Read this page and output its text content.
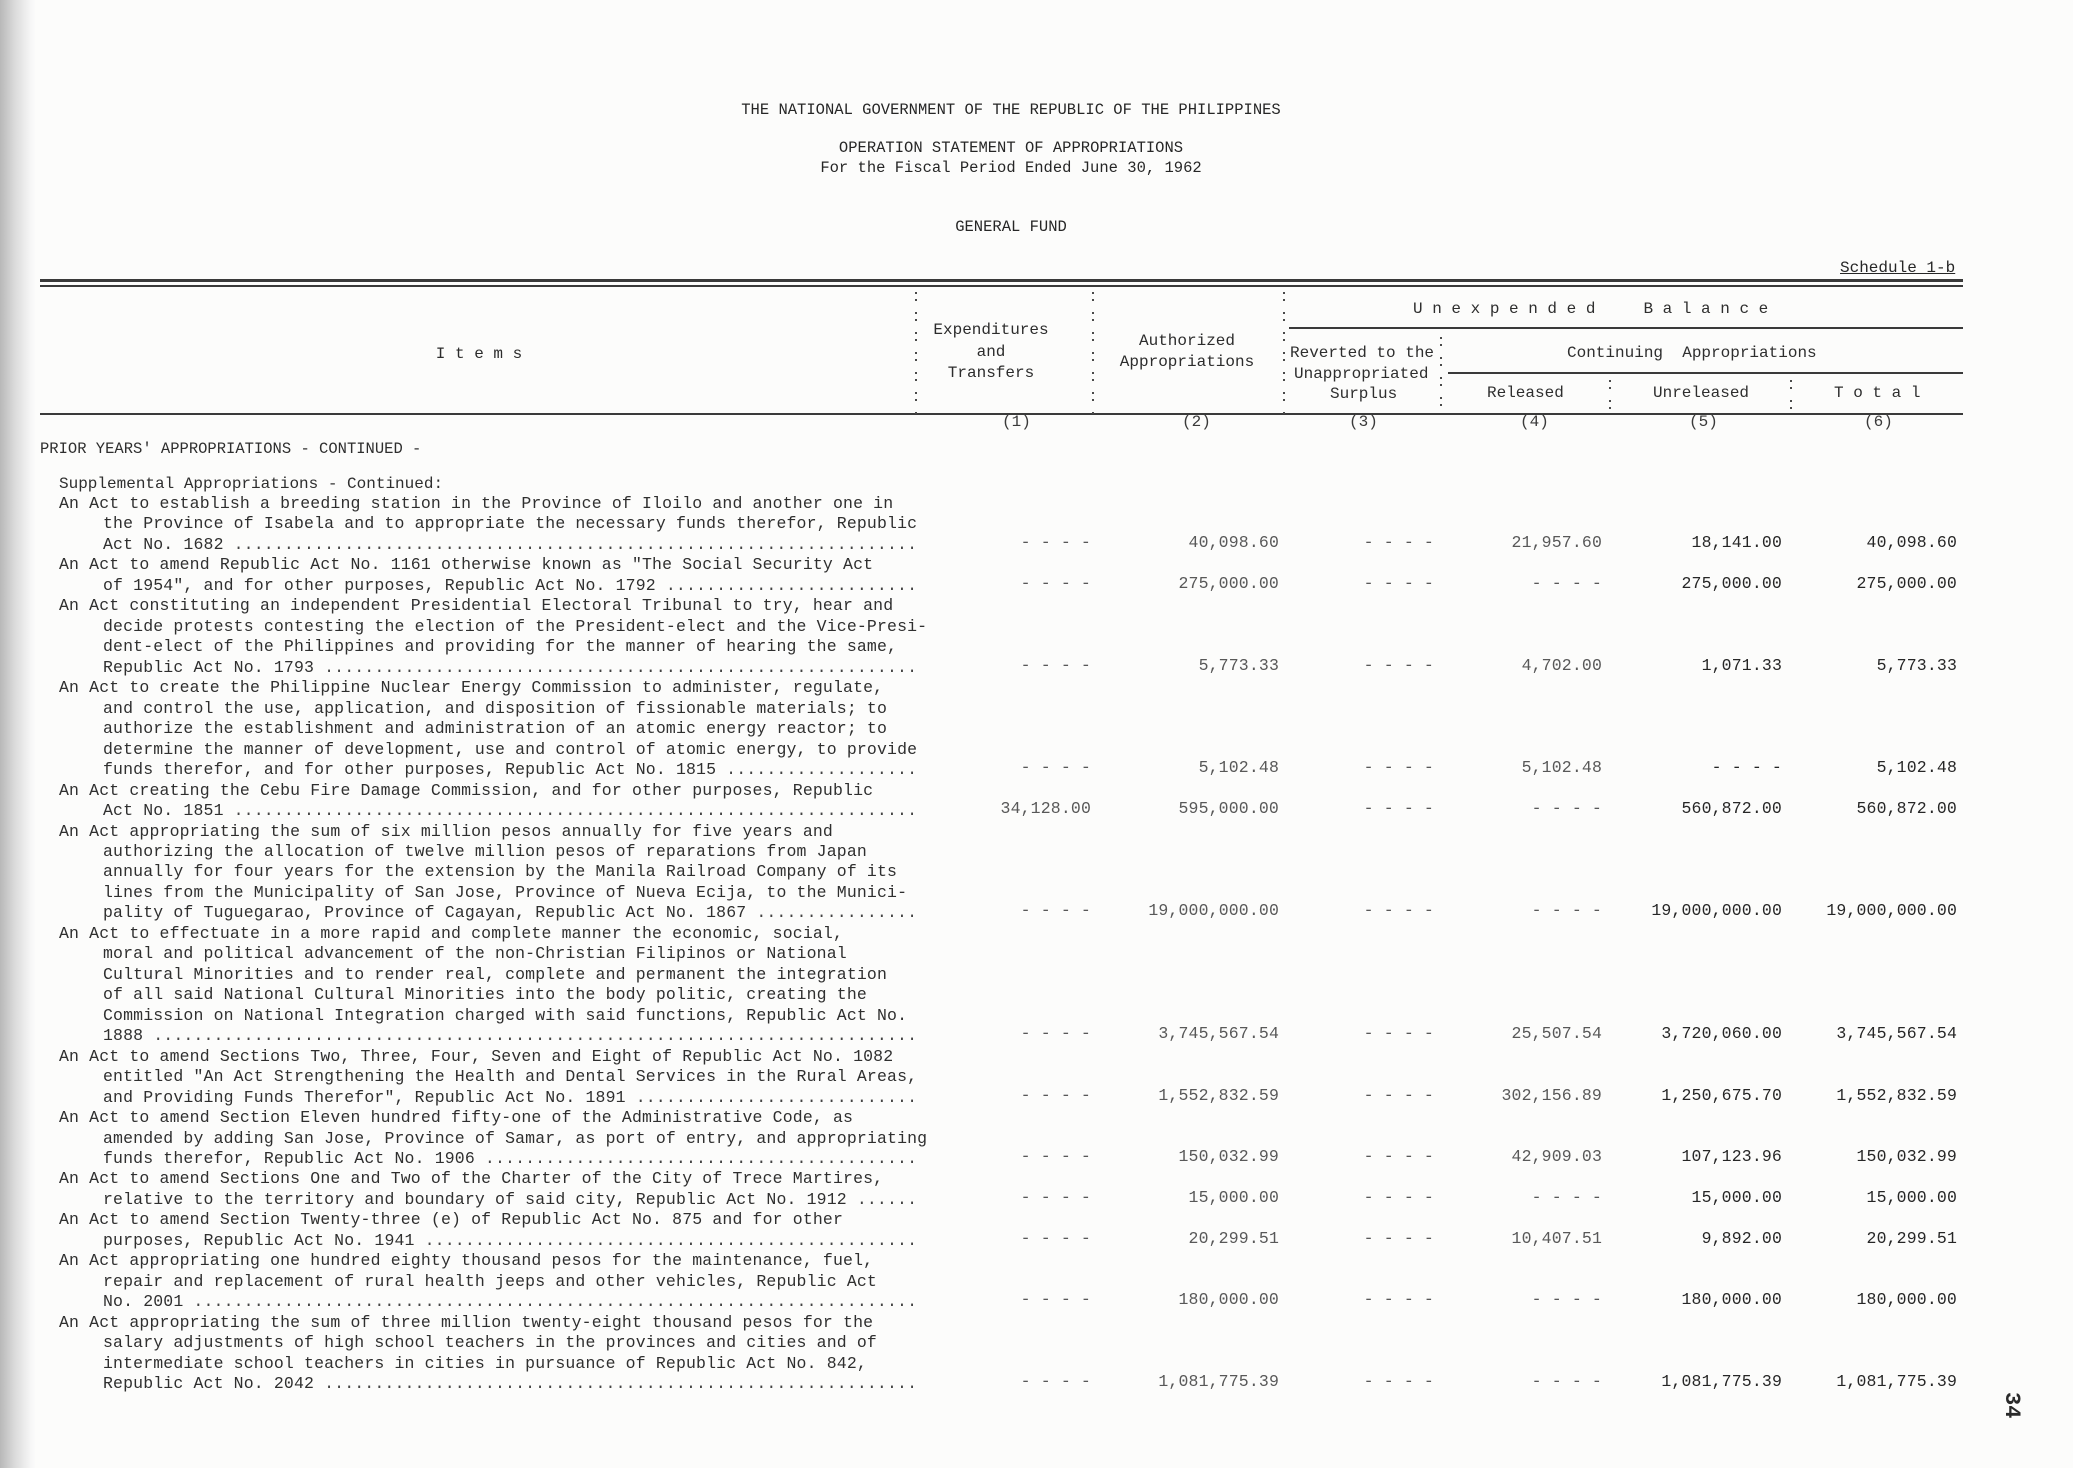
THE NATIONAL GOVERNMENT OF THE REPUBLIC OF THE PHILIPPINES
OPERATION STATEMENT OF APPROPRIATIONS
For the Fiscal Period Ended June 30, 1962
GENERAL FUND
Schedule 1-b
I t e m s
Expenditures
and
Transfers
Authorized
Appropriations
U n e x p e n d e d     B a l a n c e
Reverted to the
Unappropriated
Surplus
Continuing  Appropriations
Released	Unreleased	T o t a l
(1)	(2)	(3)	(4)	(5)	(6)
PRIOR YEARS' APPROPRIATIONS - CONTINUED -
Supplemental Appropriations - Continued:
An Act to establish a breeding station in the Province of Iloilo and another one in
the Province of Isabela and to appropriate the necessary funds therefor, Republic
Act No. 1682 .....	- - - -	40,098.60	- - - -	21,957.60	18,141.00	40,098.60
An Act to amend Republic Act No. 1161 otherwise known as "The Social Security Act
of 1954", and for other purposes, Republic Act No. 1792 .....	- - - -	275,000.00	- - - -	- - - -	275,000.00	275,000.00
An Act constituting an independent Presidential Electoral Tribunal to try, hear and
decide protests contesting the election of the President-elect and the Vice-Presi-
dent-elect of the Philippines and providing for the manner of hearing the same,
Republic Act No. 1793 .....	- - - -	5,773.33	- - - -	4,702.00	1,071.33	5,773.33
An Act to create the Philippine Nuclear Energy Commission to administer, regulate,
and control the use, application, and disposition of fissionable materials; to
authorize the establishment and administration of an atomic energy reactor; to
determine the manner of development, use and control of atomic energy, to provide
funds therefor, and for other purposes, Republic Act No. 1815 .....	- - - -	5,102.48	- - - -	5,102.48	- - - -	5,102.48
An Act creating the Cebu Fire Damage Commission, and for other purposes, Republic
Act No. 1851 .....	34,128.00	595,000.00	- - - -	- - - -	560,872.00	560,872.00
An Act appropriating the sum of six million pesos annually for five years and
authorizing the allocation of twelve million pesos of reparations from Japan
annually for four years for the extension by the Manila Railroad Company of its
lines from the Municipality of San Jose, Province of Nueva Ecija, to the Munici-
pality of Tuguegarao, Province of Cagayan, Republic Act No. 1867 .....	- - - -	19,000,000.00	- - - -	- - - -	19,000,000.00	19,000,000.00
An Act to effectuate in a more rapid and complete manner the economic, social,
moral and political advancement of the non-Christian Filipinos or National
Cultural Minorities and to render real, complete and permanent the integration
of all said National Cultural Minorities into the body politic, creating the
Commission on National Integration charged with said functions, Republic Act No.
1888 .....	- - - -	3,745,567.54	- - - -	25,507.54	3,720,060.00	3,745,567.54
An Act to amend Sections Two, Three, Four, Seven and Eight of Republic Act No. 1082
entitled "An Act Strengthening the Health and Dental Services in the Rural Areas,
and Providing Funds Therefor", Republic Act No. 1891 .....	- - - -	1,552,832.59	- - - -	302,156.89	1,250,675.70	1,552,832.59
An Act to amend Section Eleven hundred fifty-one of the Administrative Code, as
amended by adding San Jose, Province of Samar, as port of entry, and appropriating
funds therefor, Republic Act No. 1906 .....	- - - -	150,032.99	- - - -	42,909.03	107,123.96	150,032.99
An Act to amend Sections One and Two of the Charter of the City of Trece Martires,
relative to the territory and boundary of said city, Republic Act No. 1912 .....	- - - -	15,000.00	- - - -	- - - -	15,000.00	15,000.00
An Act to amend Section Twenty-three (e) of Republic Act No. 875 and for other
purposes, Republic Act No. 1941 .....	- - - -	20,299.51	- - - -	10,407.51	9,892.00	20,299.51
An Act appropriating one hundred eighty thousand pesos for the maintenance, fuel,
repair and replacement of rural health jeeps and other vehicles, Republic Act
No. 2001 .....	- - - -	180,000.00	- - - -	- - - -	180,000.00	180,000.00
An Act appropriating the sum of three million twenty-eight thousand pesos for the
salary adjustments of high school teachers in the provinces and cities and of
intermediate school teachers in cities in pursuance of Republic Act No. 842,
Republic Act No. 2042 .....	- - - -	1,081,775.39	- - - -	- - - -	1,081,775.39	1,081,775.39
34
